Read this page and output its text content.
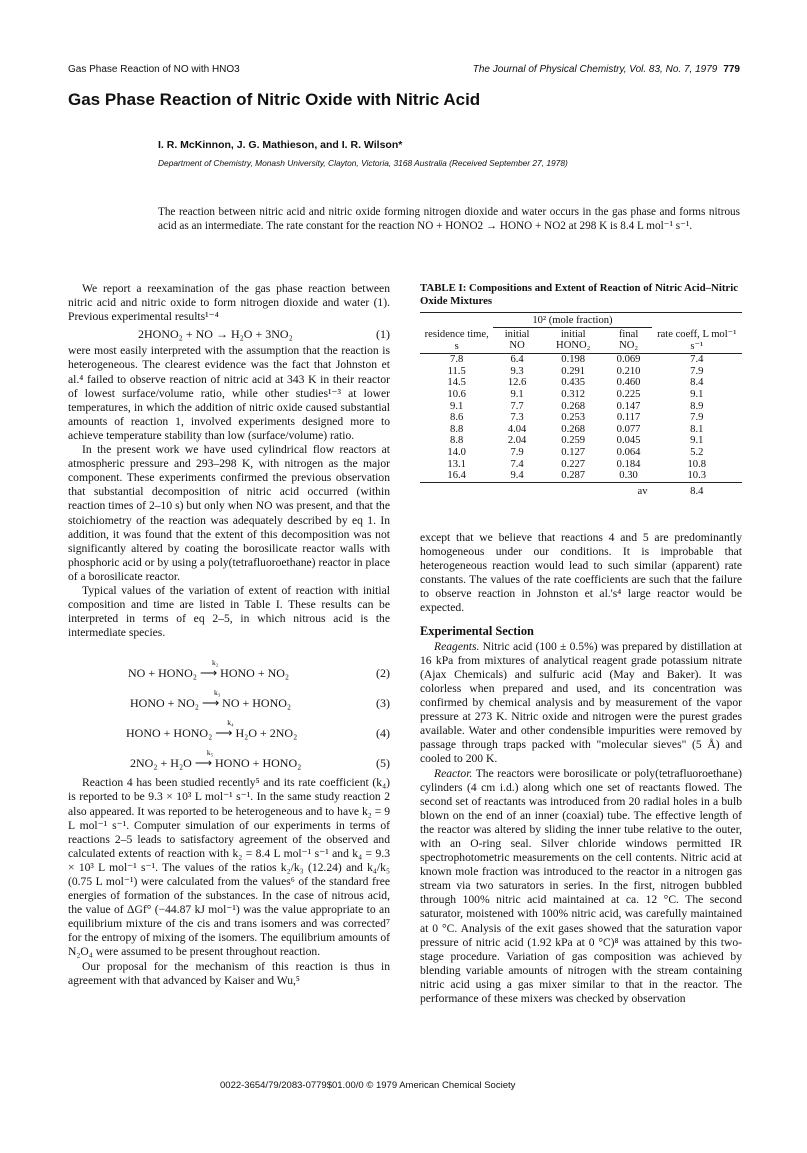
Gas Phase Reaction of NO with HNO3	The Journal of Physical Chemistry, Vol. 83, No. 7, 1979 779
Gas Phase Reaction of Nitric Oxide with Nitric Acid
I. R. McKinnon, J. G. Mathieson, and I. R. Wilson*
Department of Chemistry, Monash University, Clayton, Victoria, 3168 Australia (Received September 27, 1978)
The reaction between nitric acid and nitric oxide forming nitrogen dioxide and water occurs in the gas phase and forms nitrous acid as an intermediate. The rate constant for the reaction NO + HONO2 → HONO + NO2 at 298 K is 8.4 L mol⁻¹ s⁻¹.

We report a reexamination of the gas phase reaction between nitric acid and nitric oxide to form nitrogen dioxide and water (1). Previous experimental results¹⁻⁴

2HONO₂ + NO → H₂O + 3NO₂	(1)

were most easily interpreted with the assumption that the reaction is heterogeneous. The clearest evidence was the fact that Johnston et al.⁴ failed to observe reaction of nitric acid at 343 K in their reactor of lowest surface/volume ratio, while other studies¹⁻³ at lower temperatures, in which the addition of nitric oxide caused substantial amounts of reaction 1, involved experiments designed more to achieve temperature stability than low (surface/volume) ratio.

In the present work we have used cylindrical flow reactors at atmospheric pressure and 293–298 K, with nitrogen as the major component. These experiments confirmed the previous observation that substantial decomposition of nitric acid occurred (within reaction times of 2–10 s) but only when NO was present, and that the stoichiometry of the reaction was adequately described by eq 1. In addition, it was found that the extent of this decomposition was not significantly altered by coating the borosilicate reactor walls with phosphoric acid or by using a poly(tetrafluoroethane) reactor in place of a borosilicate reactor.

Typical values of the variation of extent of reaction with initial composition and time are listed in Table I. These results can be interpreted in terms of eq 2–5, in which nitrous acid is the intermediate species.

NO + HONO₂ ⟶
k₂
HONO + NO₂	(2)
HONO + NO₂ ⟶
k₃
NO + HONO₂	(3)
HONO + HONO₂ ⟶
k₄
H₂O + 2NO₂	(4)
2NO₂ + H₂O ⟶
k₅
HONO + HONO₂	(5)

Reaction 4 has been studied recently⁵ and its rate coefficient (k₄) is reported to be 9.3 × 10³ L mol⁻¹ s⁻¹. In the same study reaction 2 also appeared. It was reported to be heterogeneous and to have k₂ = 9 L mol⁻¹ s⁻¹. Computer simulation of our experiments in terms of reactions 2–5 leads to satisfactory agreement of the observed and calculated extents of reaction with k₂ = 8.4 L mol⁻¹ s⁻¹ and k₄ = 9.3 × 10³ L mol⁻¹ s⁻¹. The values of the ratios k₂/k₃ (12.24) and k₄/k₅ (0.75 L mol⁻¹) were calculated from the values⁶ of the standard free energies of formation of the substances. In the case of nitrous acid, the value of ΔGf° (−44.87 kJ mol⁻¹) was the value appropriate to an equilibrium mixture of the cis and trans isomers and was corrected⁷ for the entropy of mixing of the isomers. The equilibrium amounts of N₂O₄ were assumed to be present throughout reaction.

Our proposal for the mechanism of this reaction is thus in agreement with that advanced by Kaiser and Wu,⁵

TABLE I: Compositions and Extent of Reaction of Nitric Acid–Nitric Oxide Mixtures
	10² (mole fraction)			rate coeff, L mol⁻¹ s⁻¹
residence time, s	initial NO	initial HONO₂	final NO₂	
7.8	6.4	0.198	0.069	7.4
11.5	9.3	0.291	0.210	7.9
14.5	12.6	0.435	0.460	8.4
10.6	9.1	0.312	0.225	9.1
9.1	7.7	0.268	0.147	8.9
8.6	7.3	0.253	0.117	7.9
8.8	4.04	0.268	0.077	8.1
8.8	2.04	0.259	0.045	9.1
14.0	7.9	0.127	0.064	5.2
13.1	7.4	0.227	0.184	10.8
16.4	9.4	0.287	0.30	10.3
av				8.4

except that we believe that reactions 4 and 5 are predominantly homogeneous under our conditions. It is improbable that heterogeneous reaction would lead to such similar (apparent) rate constants. The values of the rate coefficients are such that the failure to observe reaction in Johnston et al.'s⁴ large reactor would be expected.

Experimental Section

Reagents. Nitric acid (100 ± 0.5%) was prepared by distillation at 16 kPa from mixtures of analytical reagent grade potassium nitrate (Ajax Chemicals) and sulfuric acid (May and Baker). It was colorless when prepared and used, and its concentration was confirmed by chemical analysis and by measurement of the vapor pressure at 273 K. Nitric oxide and nitrogen were the purest grades available. Water and other condensible impurities were removed by passage through traps packed with "molecular sieves" (5 Å) and cooled to 200 K.

Reactor. The reactors were borosilicate or poly(tetrafluoroethane) cylinders (4 cm i.d.) along which one set of reactants flowed. The second set of reactants was introduced from 20 radial holes in a bulb blown on the end of an inner (coaxial) tube. The effective length of the reactor was altered by sliding the inner tube relative to the outer, with an O-ring seal. Silver chloride windows permitted IR spectrophotometric measurements on the cell contents. Nitric acid at known mole fraction was introduced to the reactor in a nitrogen gas stream via two saturators in series. In the first, nitrogen bubbled through 100% nitric acid maintained at ca. 12 °C. The second saturator, moistened with 100% nitric acid, was carefully maintained at 0 °C. Analysis of the exit gases showed that the saturation vapor pressure of nitric acid (1.92 kPa at 0 °C)⁸ was attained by this two-stage procedure. Variation of gas composition was achieved by blending variable amounts of nitrogen with the stream containing nitric acid using a gas mixer similar to that in the reactor. The performance of these mixers was checked by observation

0022-3654/79/2083-0779$01.00/0 © 1979 American Chemical Society
